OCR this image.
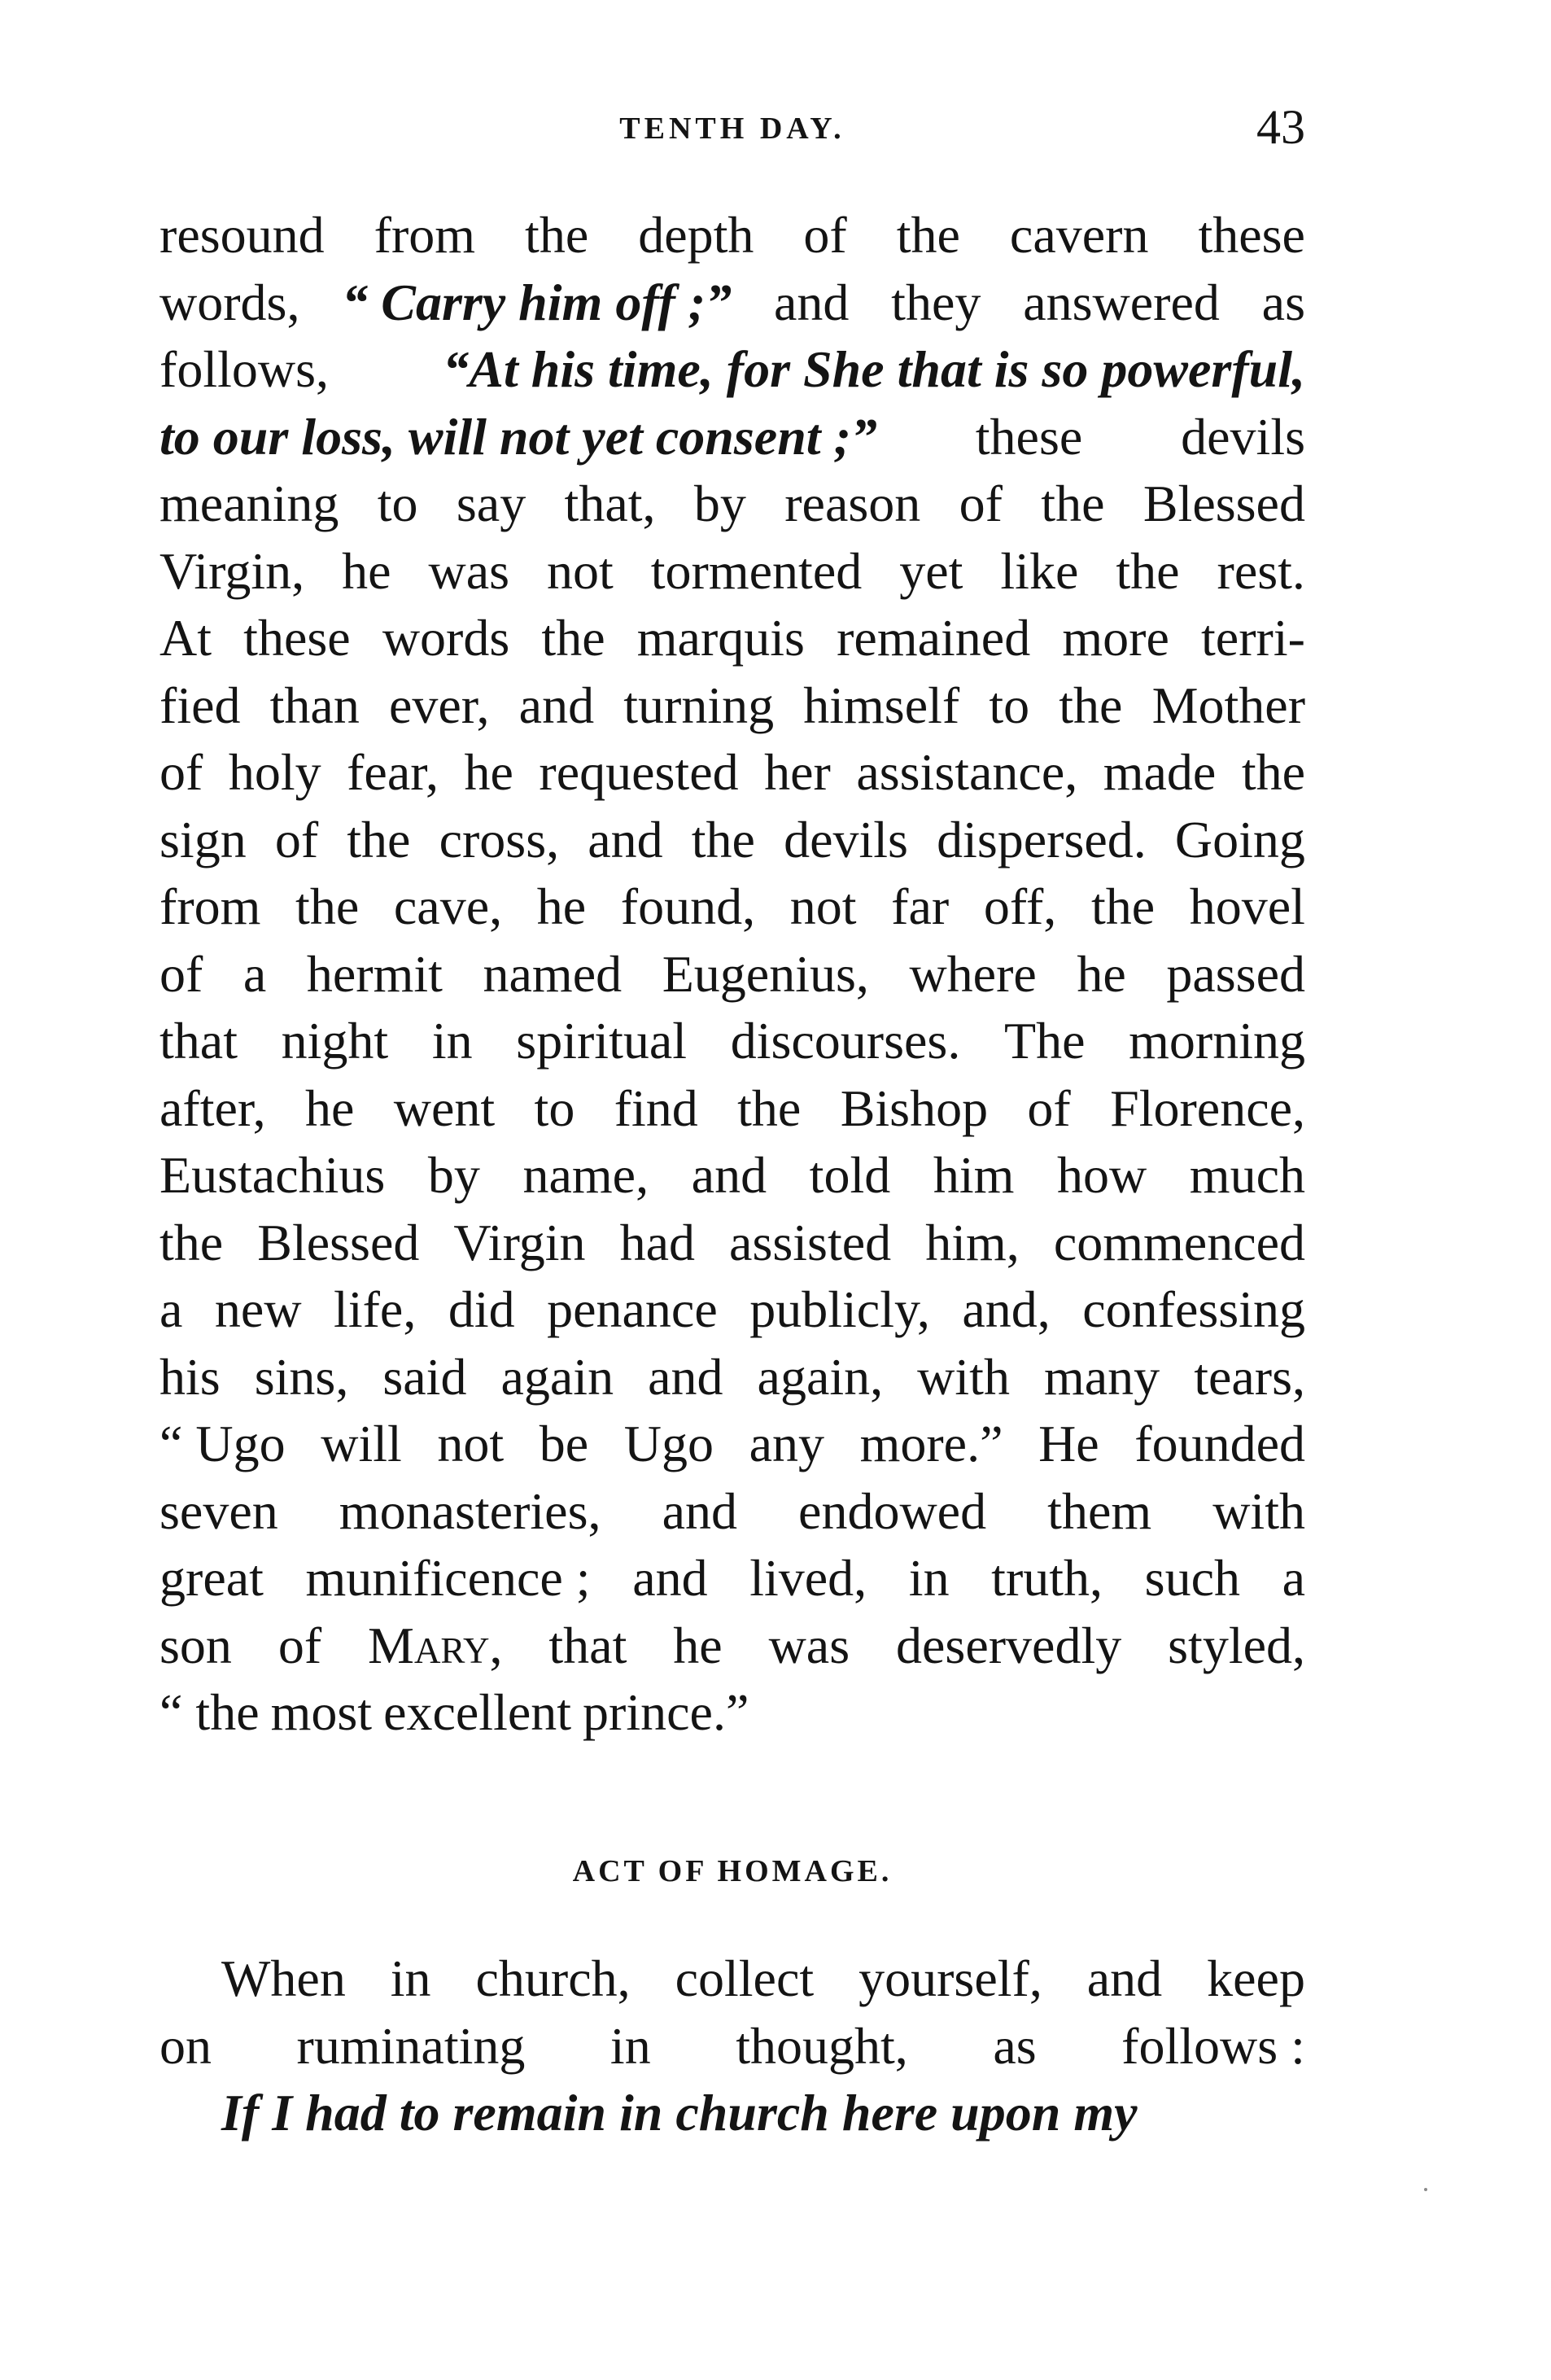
TENTH DAY.	43
resound from the depth of the cavern these
words, “ Carry him off ;” and they answered as
follows, “At his time, for She that is so powerful,
to our loss, will not yet consent ;” these devils
meaning to say that, by reason of the Blessed
Virgin, he was not tormented yet like the rest.
At these words the marquis remained more terri-
fied than ever, and turning himself to the Mother
of holy fear, he requested her assistance, made the
sign of the cross, and the devils dispersed. Going
from the cave, he found, not far off, the hovel
of a hermit named Eugenius, where he passed
that night in spiritual discourses. The morning
after, he went to find the Bishop of Florence,
Eustachius by name, and told him how much
the Blessed Virgin had assisted him, commenced
a new life, did penance publicly, and, confessing
his sins, said again and again, with many tears,
“ Ugo will not be Ugo any more.” He founded
seven monasteries, and endowed them with
great munificence ; and lived, in truth, such a
son of Mary, that he was deservedly styled,
“ the most excellent prince.”
ACT OF HOMAGE.
When in church, collect yourself, and keep
on ruminating in thought, as follows :
If I had to remain in church here upon my
